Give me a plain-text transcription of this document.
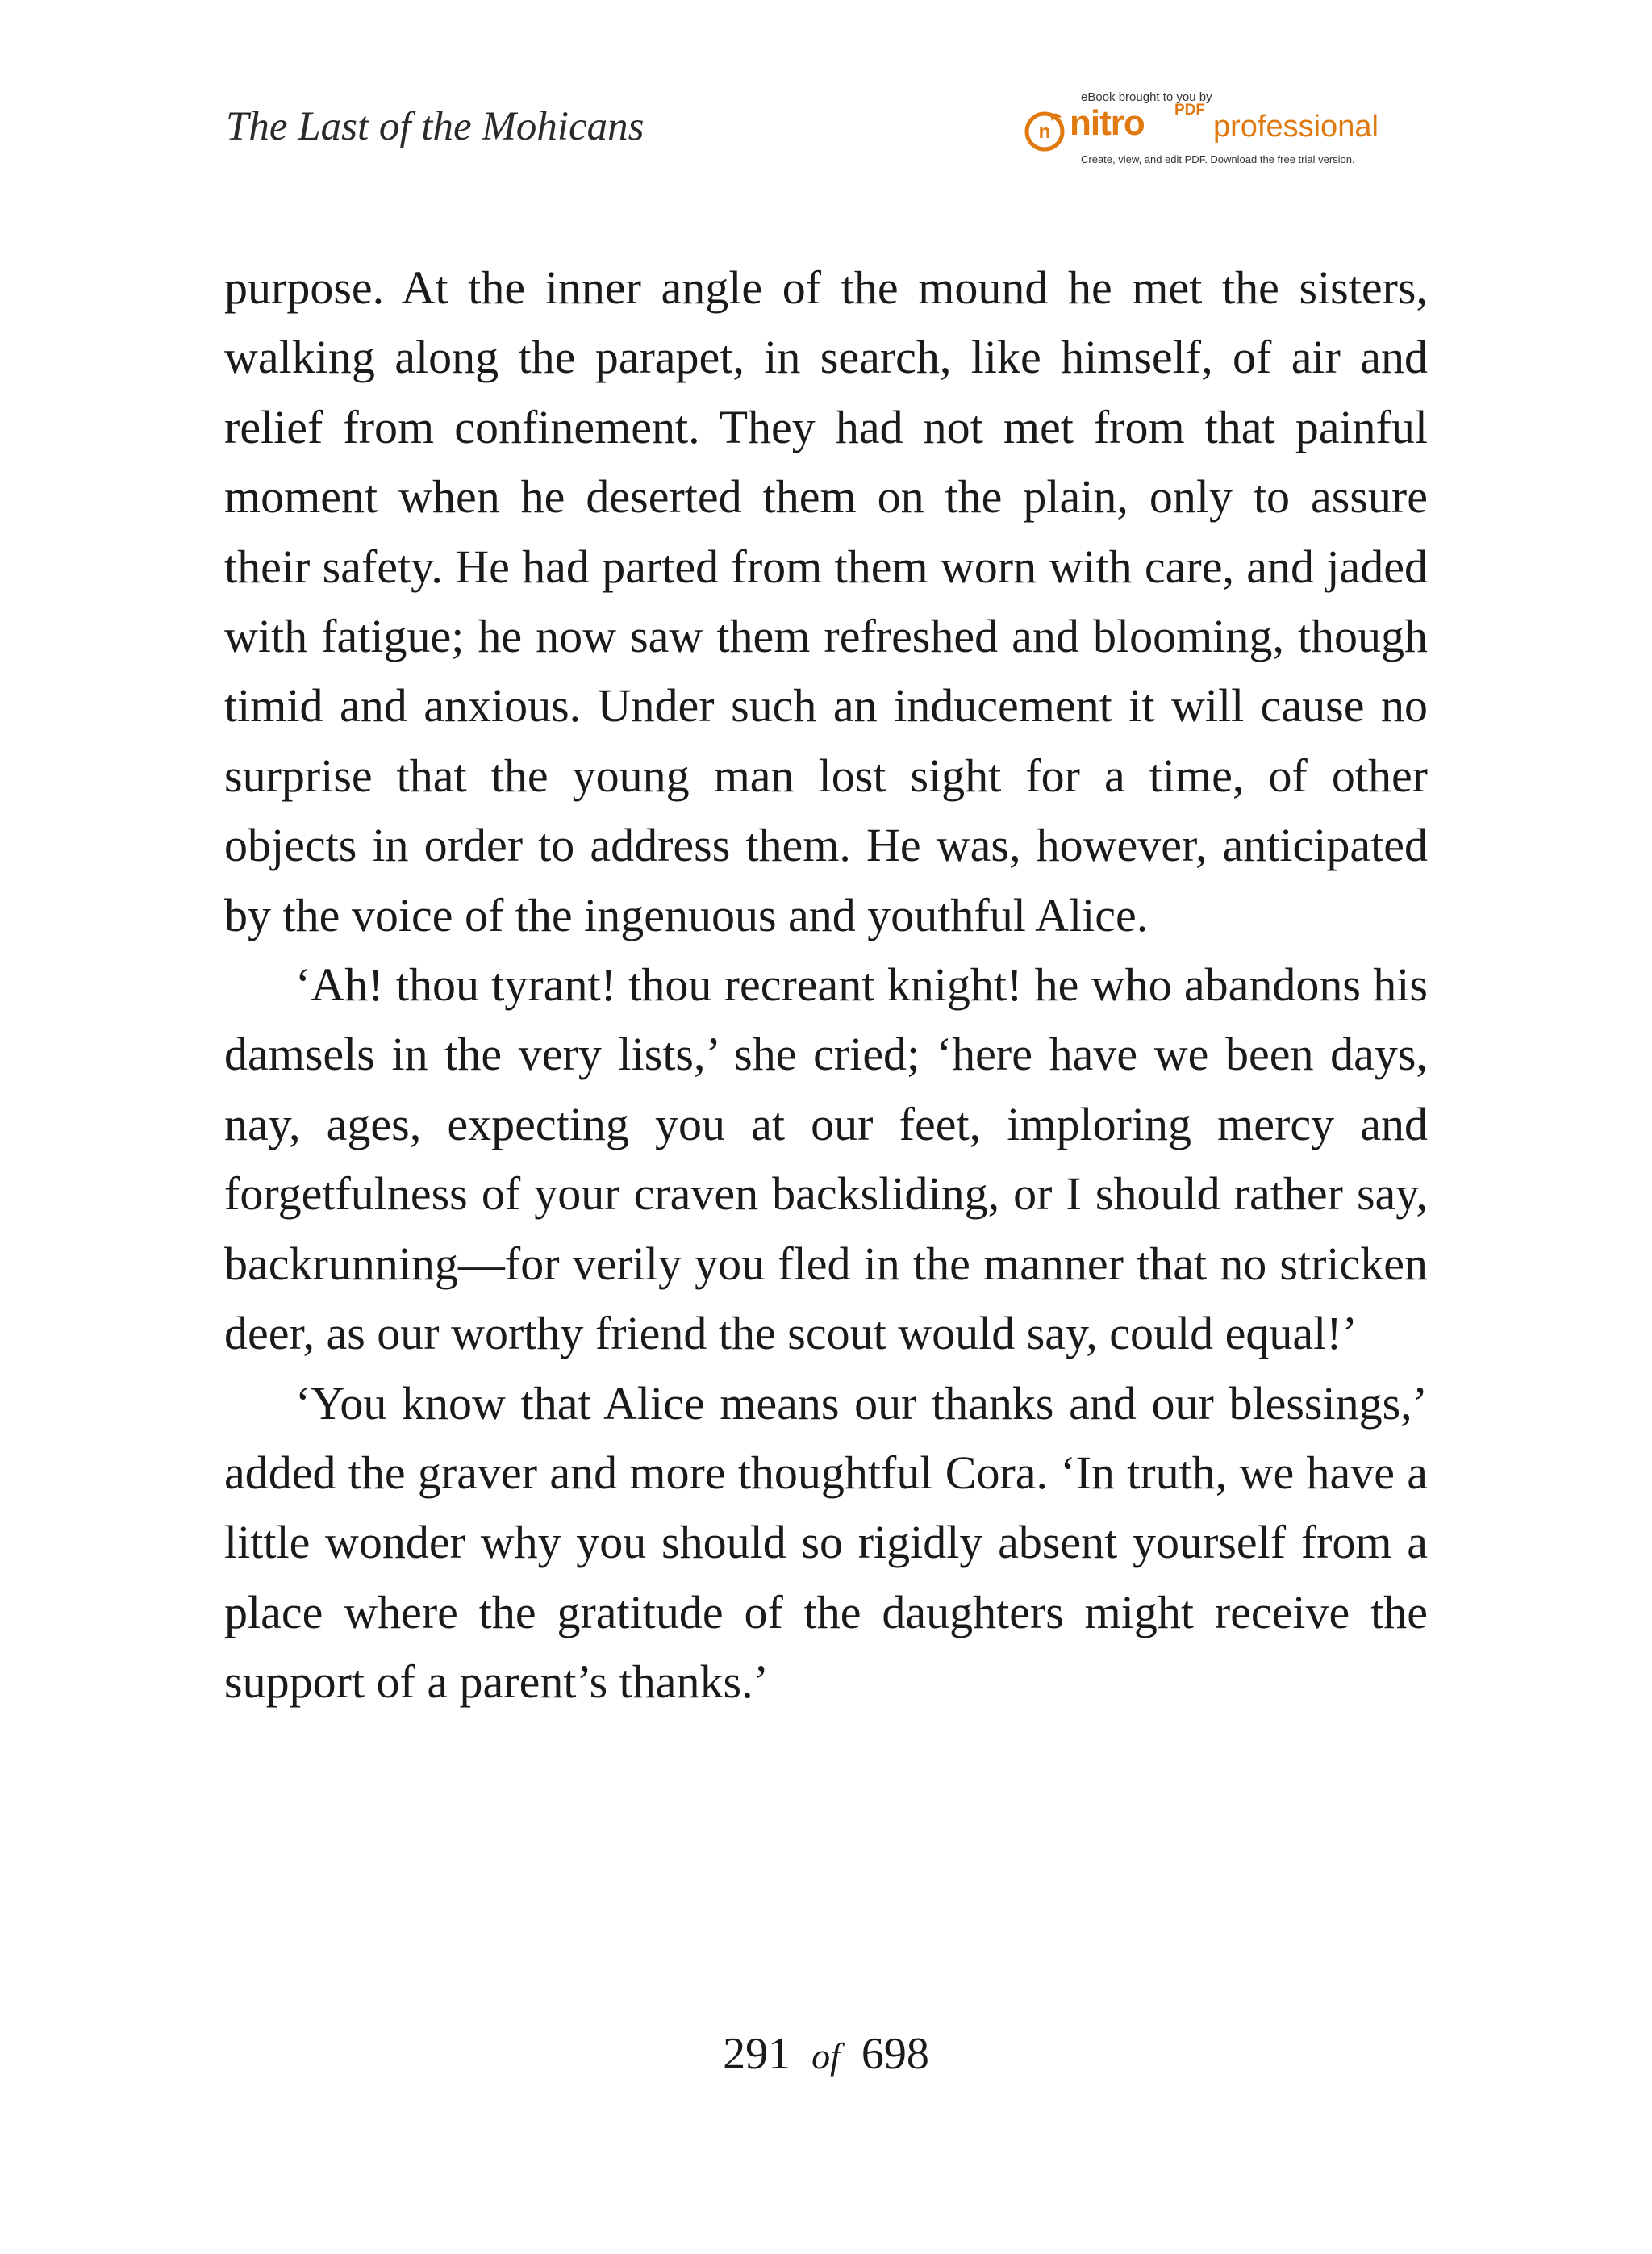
The Last of the Mohicans
eBook brought to you by
n nitro PDF professional
Create, view, and edit PDF. Download the free trial version.

purpose. At the inner angle of the mound he met the sisters, walking along the parapet, in search, like himself, of air and relief from confinement. They had not met from that painful moment when he deserted them on the plain, only to assure their safety. He had parted from them worn with care, and jaded with fatigue; he now saw them refreshed and blooming, though timid and anxious. Under such an inducement it will cause no surprise that the young man lost sight for a time, of other objects in order to address them. He was, however, anticipated by the voice of the ingenuous and youthful Alice.

‘Ah! thou tyrant! thou recreant knight! he who abandons his damsels in the very lists,’ she cried; ‘here have we been days, nay, ages, expecting you at our feet, imploring mercy and forgetfulness of your craven backsliding, or I should rather say, backrunning—for verily you fled in the manner that no stricken deer, as our worthy friend the scout would say, could equal!’

‘You know that Alice means our thanks and our blessings,’ added the graver and more thoughtful Cora. ‘In truth, we have a little wonder why you should so rigidly absent yourself from a place where the gratitude of the daughters might receive the support of a parent’s thanks.’

291 of 698
